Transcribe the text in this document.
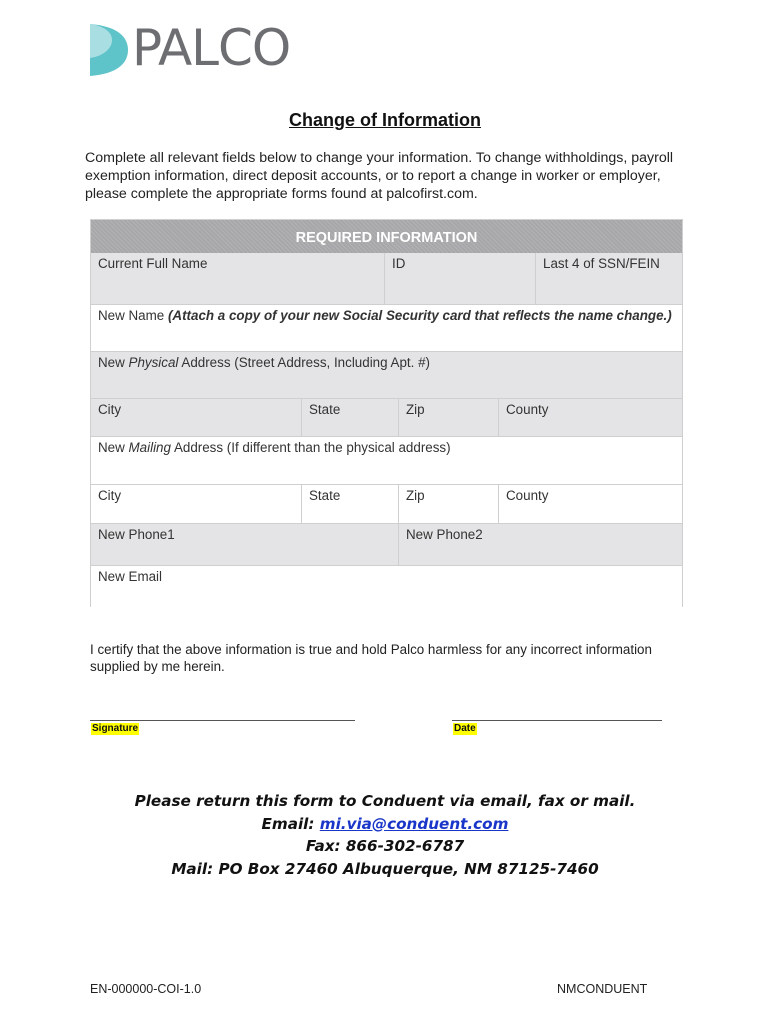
PALCO
Change of Information
Complete all relevant fields below to change your information. To change withholdings, payroll exemption information, direct deposit accounts, or to report a change in worker or employer, please complete the appropriate forms found at palcofirst.com.
REQUIRED INFORMATION
Current Full Name	ID	Last 4 of SSN/FEIN
New Name (Attach a copy of your new Social Security card that reflects the name change.)
New Physical Address (Street Address, Including Apt. #)
City	State	Zip	County
New Mailing Address (If different than the physical address)
City	State	Zip	County
New Phone1	New Phone2
New Email
I certify that the above information is true and hold Palco harmless for any incorrect information supplied by me herein.
Signature	Date
Please return this form to Conduent via email, fax or mail.
Email: mi.via@conduent.com
Fax: 866-302-6787
Mail: PO Box 27460 Albuquerque, NM 87125-7460
EN-000000-COI-1.0	NMCONDUENT
